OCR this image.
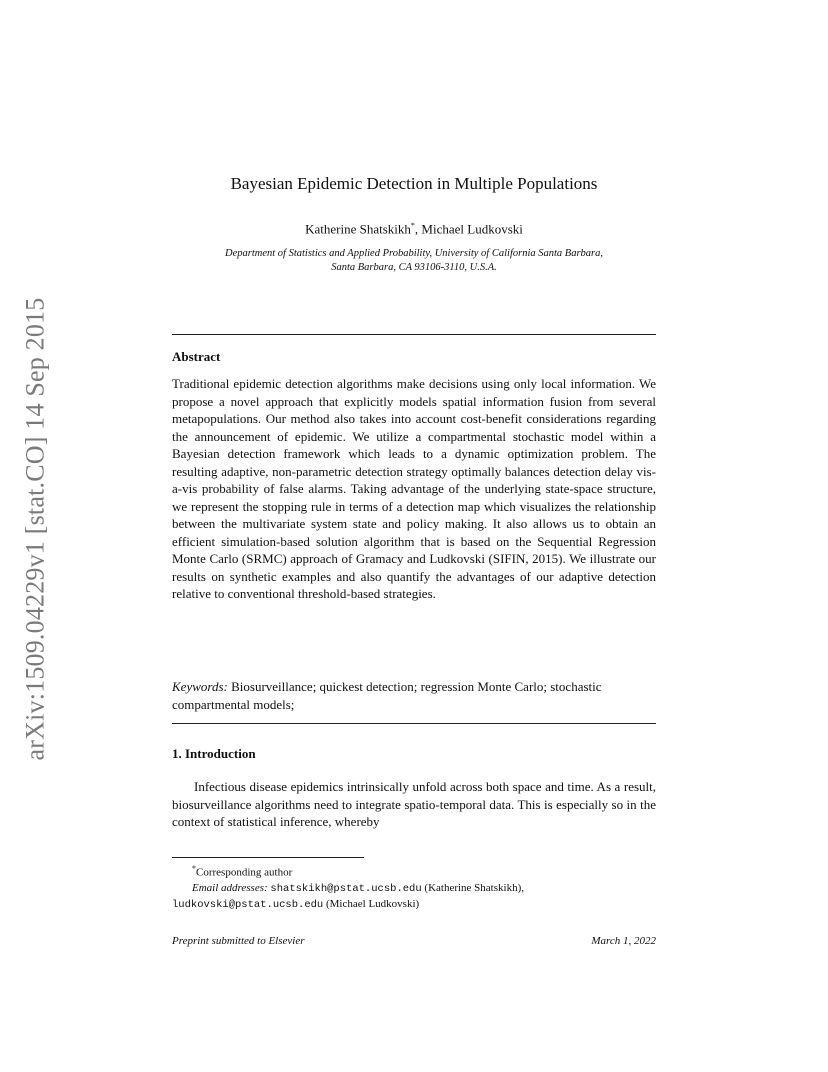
arXiv:1509.04229v1 [stat.CO] 14 Sep 2015
Bayesian Epidemic Detection in Multiple Populations
Katherine Shatskikh*, Michael Ludkovski
Department of Statistics and Applied Probability, University of California Santa Barbara,
Santa Barbara, CA 93106-3110, U.S.A.
Abstract
Traditional epidemic detection algorithms make decisions using only local information. We propose a novel approach that explicitly models spatial information fusion from several metapopulations. Our method also takes into account cost-benefit considerations regarding the announcement of epidemic. We utilize a compartmental stochastic model within a Bayesian detection framework which leads to a dynamic optimization problem. The resulting adaptive, non-parametric detection strategy optimally balances detection delay vis-a-vis probability of false alarms. Taking advantage of the underlying state-space structure, we represent the stopping rule in terms of a detection map which visualizes the relationship between the multivariate system state and policy making. It also allows us to obtain an efficient simulation-based solution algorithm that is based on the Sequential Regression Monte Carlo (SRMC) approach of Gramacy and Ludkovski (SIFIN, 2015). We illustrate our results on synthetic examples and also quantify the advantages of our adaptive detection relative to conventional threshold-based strategies.
Keywords: Biosurveillance; quickest detection; regression Monte Carlo; stochastic compartmental models;
1. Introduction
Infectious disease epidemics intrinsically unfold across both space and time. As a result, biosurveillance algorithms need to integrate spatio-temporal data. This is especially so in the context of statistical inference, whereby
*Corresponding author
Email addresses: shatskikh@pstat.ucsb.edu (Katherine Shatskikh),
ludkovski@pstat.ucsb.edu (Michael Ludkovski)
Preprint submitted to Elsevier	March 1, 2022
